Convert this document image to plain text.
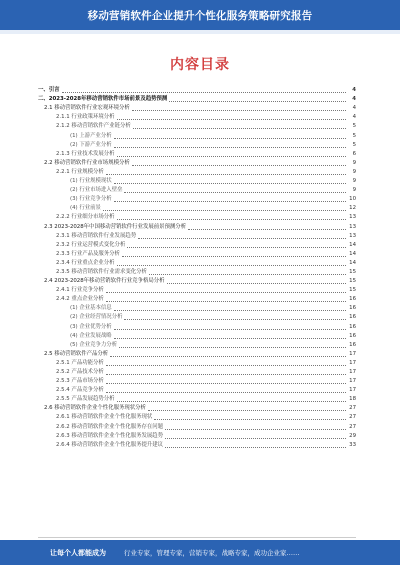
移动营销软件企业提升个性化服务策略研究报告
内容目录
一、引言	4
二、2023-2028年移动营销软件市场前景及趋势预测	4
2.1 移动营销软件行业宏观环境分析	4
2.1.1 行业政策环境分析	4
2.1.2 移动营销软件产业链分析	5
(1) 上游产业分析	5
(2) 下游产业分析	5
2.1.3 行业技术发展分析	6
2.2 移动营销软件行业市场规模分析	9
2.2.1 行业规模分析	9
(1) 行业规模现状	9
(2) 行业市场进入壁垒	9
(3) 行业竞争分析	10
(4) 行业前景	12
2.2.2 行业细分市场分析	13
2.3 2023-2028年中国移动营销软件行业发展前景预测分析	13
2.3.1 移动营销软件行业发展趋势	13
2.3.2 行业运营模式变化分析	14
2.3.3 行业产品及服务分析	14
2.3.4 行业重点企业分析	14
2.3.5 移动营销软件行业需求变化分析	15
2.4 2023-2028年移动营销软件行业竞争格局分析	15
2.4.1 行业竞争分析	15
2.4.2 重点企业分析	16
(1) 企业基本信息	16
(2) 企业经营情况分析	16
(3) 企业优势分析	16
(4) 企业发展战略	16
(5) 企业竞争力分析	16
2.5 移动营销软件产品分析	17
2.5.1 产品功能分析	17
2.5.2 产品技术分析	17
2.5.3 产品市场分析	17
2.5.4 产品竞争分析	17
2.5.5 产品发展趋势分析	18
2.6 移动营销软件企业个性化服务现状分析	27
2.6.1 移动营销软件企业个性化服务现状	27
2.6.2 移动营销软件企业个性化服务存在问题	27
2.6.3 移动营销软件企业个性化服务发展趋势	29
2.6.4 移动营销软件企业个性化服务提升建议	33
让每个人都能成为	行业专家，管理专家，营销专家，战略专家，成功企业家……
